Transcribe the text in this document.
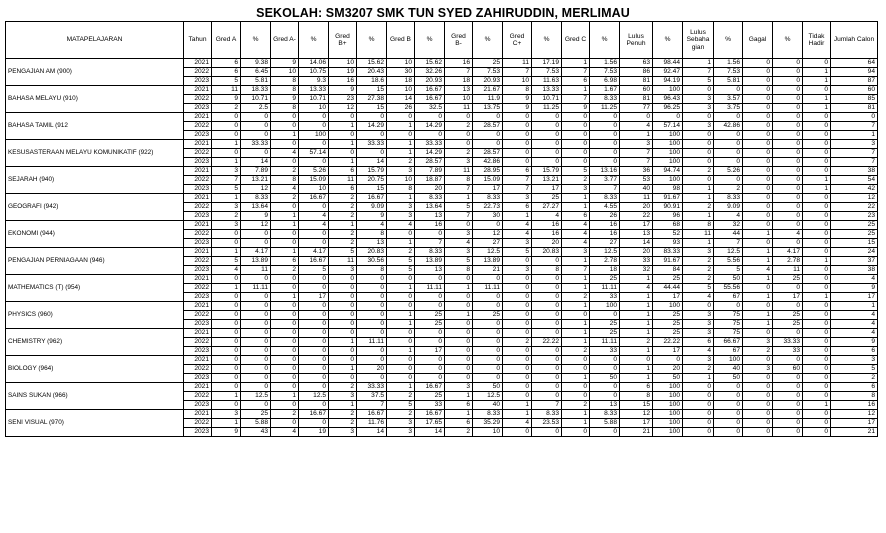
SEKOLAH: SM3207 SMK TUN SYED ZAHIRUDDIN, MERLIMAU
MATAPELAJARAN	Tahun	Gred A	%	Gred A-	%	Gred B+	%	Gred B	%	Gred B-	%	Gred C+	%	Gred C	%	Lulus Penuh	%	Lulus Sebaha gian	%	Gagal	%	Tidak Hadir	Jumlah Calon
PENGAJIAN AM (900)	2021	6	9.38	9	14.06	10	15.62	10	15.62	16	25	11	17.19	1	1.56	63	98.44	1	1.56	0	0	0	64
	2022	6	6.45	10	10.75	19	20.43	30	32.26	7	7.53	7	7.53	7	7.53	86	92.47	7	7.53	0	0	1	94
	2023	5	5.81	8	9.3	16	18.6	18	20.93	18	20.93	10	11.63	6	6.98	81	94.19	5	5.81	0	0	1	87
BAHASA MELAYU (910)	2021	11	18.33	8	13.33	9	15	10	16.67	13	21.67	8	13.33	1	1.67	60	100	0	0	0	0	0	60
	2022	9	10.71	9	10.71	23	27.38	14	16.67	10	11.9	9	10.71	7	8.33	81	96.43	3	3.57	0	0	1	85
	2023	2	2.5	8	10	12	15	26	32.5	11	13.75	9	11.25	9	11.25	77	96.25	3	3.75	0	0	1	81
BAHASA TAMIL (912	2021	0	0	0	0	0	0	0	0	0	0	0	0	0	0	0	0	0	0	0	0	0	0
	2022	0	0	0	0	1	14.29	1	14.29	2	28.57	0	0	0	0	4	57.14	3	42.86	0	0	0	7
	2023	0	0	1	100	0	0	0	0	0	0	0	0	0	0	1	100	0	0	0	0	0	1
KESUSASTERAAN MELAYU KOMUNIKATIF (922)	2021	1	33.33	0	0	1	33.33	1	33.33	0	0	0	0	0	0	3	100	0	0	0	0	0	3
	2022	0	0	4	57.14	0	0	1	14.29	2	28.57	0	0	0	0	7	100	0	0	0	0	0	7
	2023	1	14	0	0	1	14	2	28.57	3	42.86	0	0	0	0	7	100	0	0	0	0	0	7
SEJARAH (940)	2021	3	7.89	2	5.26	6	15.79	3	7.89	11	28.95	6	15.79	5	13.16	36	94.74	2	5.26	0	0	0	38
	2022	7	13.21	8	15.09	11	20.75	10	18.87	8	15.09	7	13.21	2	3.77	53	100	0	0	0	0	1	54
	2023	5	12	4	10	6	15	8	20	7	17	7	17	3	7	40	98	1	2	0	0	1	42
GEOGRAFI (942)	2021	1	8.33	2	16.67	2	16.67	1	8.33	1	8.33	3	25	1	8.33	11	91.67	1	8.33	0	0	0	12
	2022	3	13.64	0	0	2	9.09	3	13.64	5	22.73	6	27.27	1	4.55	20	90.91	2	9.09	0	0	0	22
	2023	2	9	1	4	2	9	3	13	7	30	1	4	6	26	22	96	1	4	0	0	0	23
EKONOMI (944)	2021	3	12	1	4	1	4	4	16	0	0	4	16	4	16	17	68	8	32	0	0	0	25
	2022	0	0	0	0	2	8	0	0	3	12	4	16	4	16	13	52	11	44	1	4	0	25
	2023	0	0	0	0	2	13	1	7	4	27	3	20	4	27	14	93	1	7	0	0	0	15
PENGAJIAN PERNIAGAAN (946)	2021	1	4.17	1	4.17	5	20.83	2	8.33	3	12.5	5	20.83	3	12.5	20	83.33	3	12.5	1	4.17	0	24
	2022	5	13.89	6	16.67	11	30.56	5	13.89	5	13.89	0	0	1	2.78	33	91.67	2	5.56	1	2.78	1	37
	2023	4	11	2	5	3	8	5	13	8	21	3	8	7	18	32	84	2	5	4	11	0	38
MATHEMATICS (T) (954)	2021	0	0	0	0	0	0	0	0	0	0	0	0	1	25	1	25	2	50	1	25	0	4
	2022	1	11.11	0	0	0	0	1	11.11	1	11.11	0	0	1	11.11	4	44.44	5	55.56	0	0	0	9
	2023	0	0	1	17	0	0	0	0	0	0	0	0	2	33	1	17	4	67	1	17	1	17
PHYSICS (960)	2021	0	0	0	0	0	0	0	0	0	0	0	0	1	100	1	100	0	0	0	0	0	1
	2022	0	0	0	0	0	0	1	25	1	25	0	0	0	0	1	25	3	75	1	25	0	4
	2023	0	0	0	0	0	0	1	25	0	0	0	0	1	25	1	25	3	75	1	25	0	4
CHEMISTRY (962)	2021	0	0	0	0	0	0	0	0	0	0	0	0	1	25	1	25	3	75	0	0	0	4
	2022	0	0	0	0	1	11.11	0	0	0	0	2	22.22	1	11.11	2	22.22	6	66.67	3	33.33	0	9
	2023	0	0	0	0	0	0	1	17	0	0	0	0	2	33	1	17	4	67	2	33	0	6
BIOLOGY (964)	2021	0	0	0	0	0	0	0	0	0	0	0	0	0	0	0	0	3	100	0	0	0	3
	2022	0	0	0	0	1	20	0	0	0	0	0	0	0	0	1	20	2	40	3	60	0	5
	2023	0	0	0	0	0	0	0	0	0	0	0	0	1	50	1	50	1	50	0	0	0	2
SAINS SUKAN (966)	2021	0	0	0	0	2	33.33	1	16.67	3	50	0	0	0	0	6	100	0	0	0	0	0	6
	2022	1	12.5	1	12.5	3	37.5	2	25	1	12.5	0	0	0	0	8	100	0	0	0	0	0	8
	2023	0	0	0	0	1	7	5	33	6	40	1	7	2	13	15	100	0	0	0	0	1	16
SENI VISUAL (970)	2021	3	25	2	16.67	2	16.67	2	16.67	1	8.33	1	8.33	1	8.33	12	100	0	0	0	0	0	12
	2022	1	5.88	0	0	2	11.76	3	17.65	6	35.29	4	23.53	1	5.88	17	100	0	0	0	0	0	17
	2023	9	43	4	19	3	14	3	14	2	10	0	0	0	0	21	100	0	0	0	0	0	21
